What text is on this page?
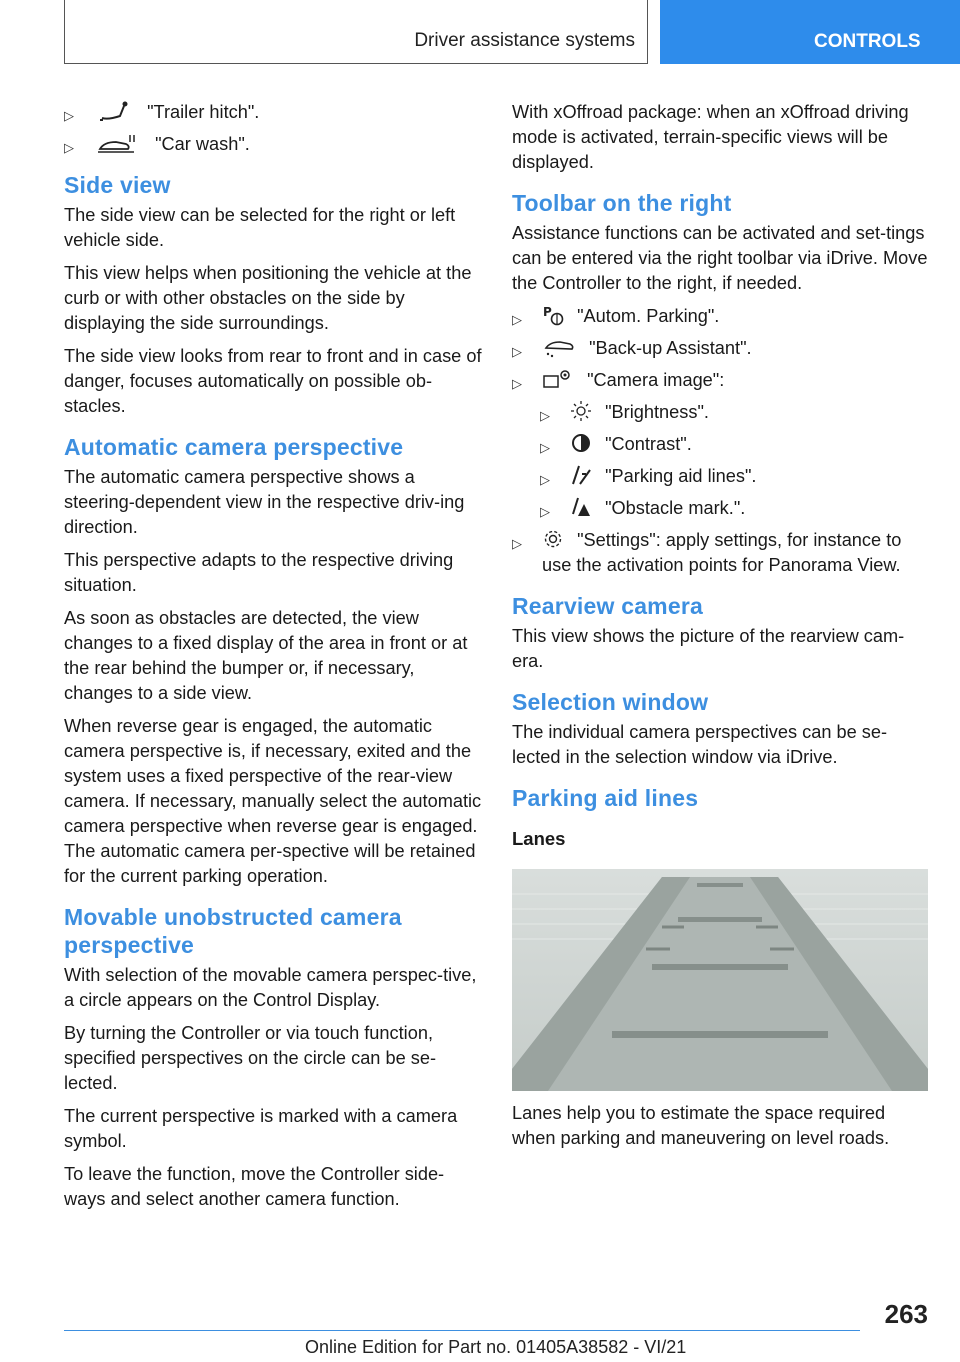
Driver assistance systems	CONTROLS
▷	"Trailer hitch".
▷	"Car wash".
Side view

The side view can be selected for the right or left vehicle side.

This view helps when positioning the vehicle at the curb or with other obstacles on the side by displaying the side surroundings.

The side view looks from rear to front and in case of danger, focuses automatically on possible ob‐stacles.

Automatic camera perspective

The automatic camera perspective shows a steering-dependent view in the respective driv‐ing direction.

This perspective adapts to the respective driving situation.

As soon as obstacles are detected, the view changes to a fixed display of the area in front or at the rear behind the bumper or, if necessary, changes to a side view.

When reverse gear is engaged, the automatic camera perspective is, if necessary, exited and the system uses a fixed perspective of the rear‐view camera. If necessary, manually select the automatic camera perspective when reverse gear is engaged. The automatic camera per‐spective will be retained for the current parking operation.

Movable unobstructed camera perspective

With selection of the movable camera perspec‐tive, a circle appears on the Control Display.

By turning the Controller or via touch function, specified perspectives on the circle can be se‐lected.

The current perspective is marked with a camera symbol.

To leave the function, move the Controller side‐ways and select another camera function.

With xOffroad package: when an xOffroad driving mode is activated, terrain-specific views will be displayed.

Toolbar on the right

Assistance functions can be activated and set‐tings can be entered via the right toolbar via iDrive. Move the Controller to the right, if needed.

▷ P "Autom. Parking".
▷	"Back-up Assistant".
▷	"Camera image":
▷	"Brightness".
▷	"Contrast".
▷	"Parking aid lines".
▷	"Obstacle mark.".
▷	"Settings": apply settings, for instance to use the activation points for Panorama View.
Rearview camera

This view shows the picture of the rearview cam‐era.

Selection window

The individual camera perspectives can be se‐lected in the selection window via iDrive.

Parking aid lines
Lanes

Lanes help you to estimate the space required when parking and maneuvering on level roads.

263
Online Edition for Part no. 01405A38582 - VI/21
